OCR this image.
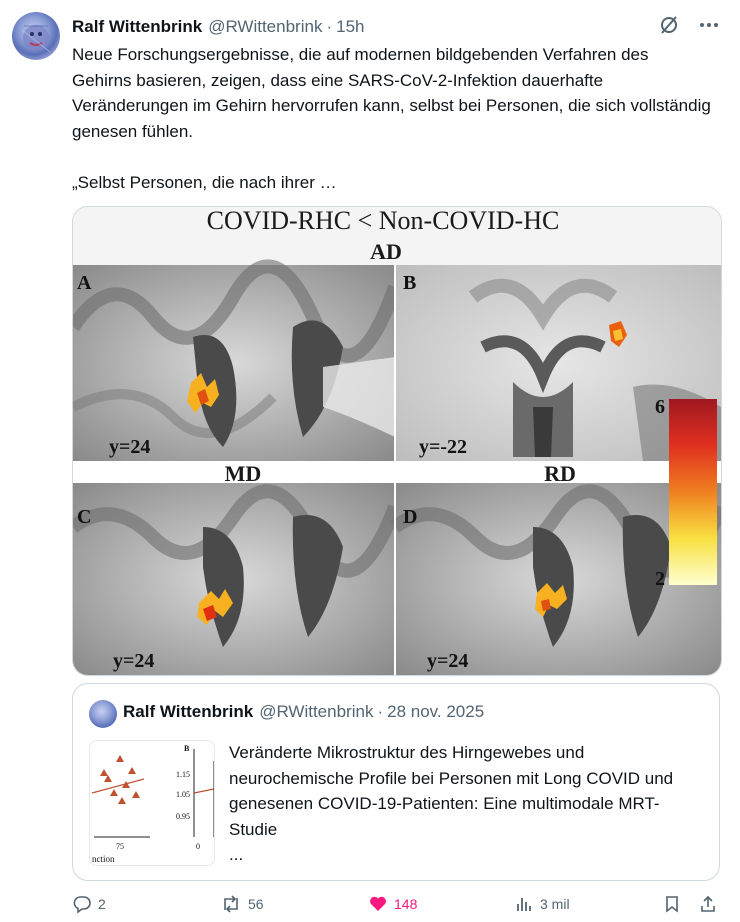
Ralf Wittenbrink @RWittenbrink · 15h
Neue Forschungsergebnisse, die auf modernen bildgebenden Verfahren des Gehirns basieren, zeigen, dass eine SARS-CoV-2-Infektion dauerhafte Veränderungen im Gehirn hervorrufen kann, selbst bei Personen, die sich vollständig genesen fühlen.

„Selbst Personen, die nach ihrer …
COVID-RHC < Non-COVID-HC
AD
MD	RD
A	B
C	D
y=24	y=-22
y=24	y=24
6
2
Ralf Wittenbrink @RWittenbrink · 28 nov. 2025
B
1.15
1.05
0.95
75	0
nction
Veränderte Mikrostruktur des Hirngewebes und neurochemische Profile bei Personen mit Long COVID und genesenen COVID-19-Patienten: Eine multimodale MRT-Studie
...
2	56	148	3 mil
